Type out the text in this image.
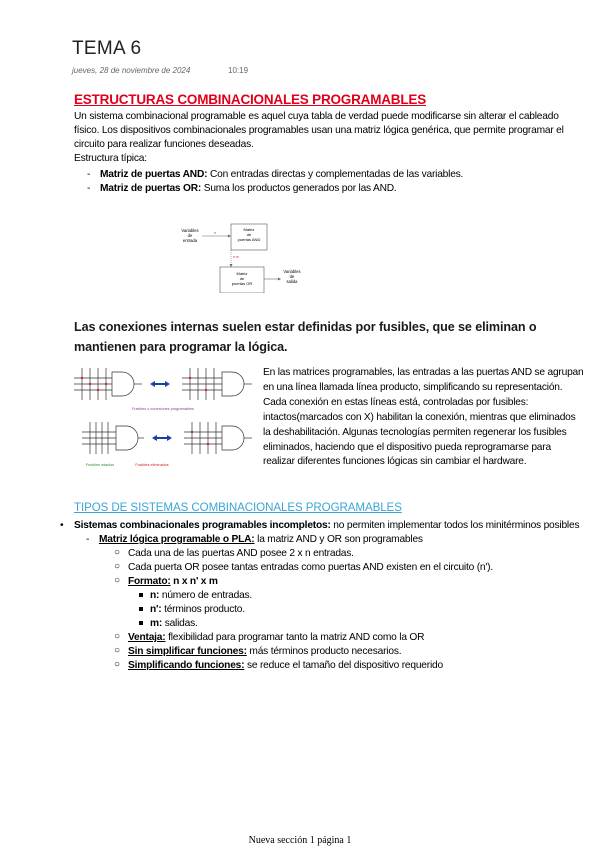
TEMA 6
jueves, 28 de noviembre de 2024	10:19
ESTRUCTURAS COMBINACIONALES PROGRAMABLES
Un sistema combinacional programable es aquel cuya tabla de verdad puede modificarse sin alterar el cableado físico. Los dispositivos combinacionales programables usan una matriz lógica genérica, que permite programar el circuito para realizar funciones deseadas.
Estructura típica:
- Matriz de puertas AND: Con entradas directas y complementadas de las variables.
- Matriz de puertas OR: Suma los productos generados por las AND.
Variables
de
entrada
n
Matriz
de
puertas AND
n·m
Matriz
de
puertas OR
Variables
de
salida
Las conexiones internas suelen estar definidas por fusibles, que se eliminan o mantienen para programar la lógica.
Fusibles o conexiones programables
Fusibles intactos	Fusibles eliminados
En las matrices programables, las entradas a las puertas AND se agrupan en una línea llamada línea producto, simplificando su representación. Cada conexión en estas líneas está, controladas por fusibles: intactos(marcados con X) habilitan la conexión, mientras que eliminados la deshabilitación. Algunas tecnologías permiten regenerar los fusibles eliminados, haciendo que el dispositivo pueda reprogramarse para realizar diferentes funciones lógicas sin cambiar el hardware.
TIPOS DE SISTEMAS COMBINACIONALES PROGRAMABLES
• Sistemas combinacionales programables incompletos: no permiten implementar todos los minitérminos posibles
- Matriz lógica programable o PLA: la matriz AND y OR son programables
○ Cada una de las puertas AND posee 2 x n entradas.
○ Cada puerta OR posee tantas entradas como puertas AND existen en el circuito (n').
○ Formato: n x n' x m
n: número de entradas.
n': términos producto.
m: salidas.
○ Ventaja: flexibilidad para programar tanto la matriz AND como la OR
○ Sin simplificar funciones: más términos producto necesarios.
○ Simplificando funciones: se reduce el tamaño del dispositivo requerido
Nueva sección 1 página 1
